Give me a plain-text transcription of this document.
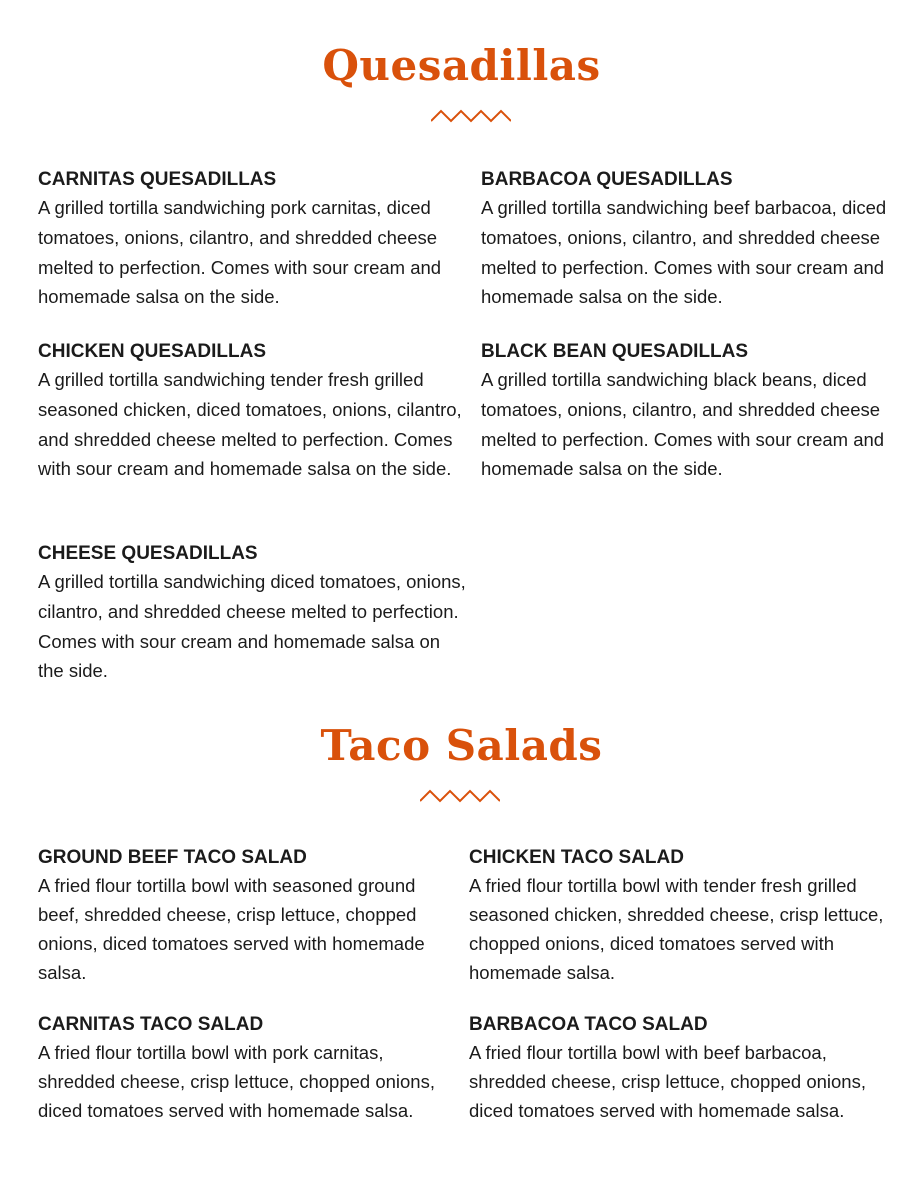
Quesadillas
CARNITAS QUESADILLAS

A grilled tortilla sandwiching pork carnitas, diced tomatoes, onions, cilantro, and shredded cheese melted to perfection. Comes with sour cream and homemade salsa on the side.

BARBACOA QUESADILLAS

A grilled tortilla sandwiching beef barbacoa, diced tomatoes, onions, cilantro, and shredded cheese melted to perfection. Comes with sour cream and homemade salsa on the side.

CHICKEN QUESADILLAS

A grilled tortilla sandwiching tender fresh grilled seasoned chicken, diced tomatoes, onions, cilantro, and shredded cheese melted to perfection. Comes with sour cream and homemade salsa on the side.

BLACK BEAN QUESADILLAS

A grilled tortilla sandwiching black beans, diced tomatoes, onions, cilantro, and shredded cheese melted to perfection. Comes with sour cream and homemade salsa on the side.

CHEESE QUESADILLAS

A grilled tortilla sandwiching diced tomatoes, onions, cilantro, and shredded cheese melted to perfection. Comes with sour cream and homemade salsa on the side.

Taco Salads
GROUND BEEF TACO SALAD

A fried flour tortilla bowl with seasoned ground beef, shredded cheese, crisp lettuce, chopped onions, diced tomatoes served with homemade salsa.

CHICKEN TACO SALAD

A fried flour tortilla bowl with tender fresh grilled seasoned chicken, shredded cheese, crisp lettuce, chopped onions, diced tomatoes served with homemade salsa.

CARNITAS TACO SALAD

A fried flour tortilla bowl with pork carnitas, shredded cheese, crisp lettuce, chopped onions, diced tomatoes served with homemade salsa.

BARBACOA TACO SALAD

A fried flour tortilla bowl with beef barbacoa, shredded cheese, crisp lettuce, chopped onions, diced tomatoes served with homemade salsa.
